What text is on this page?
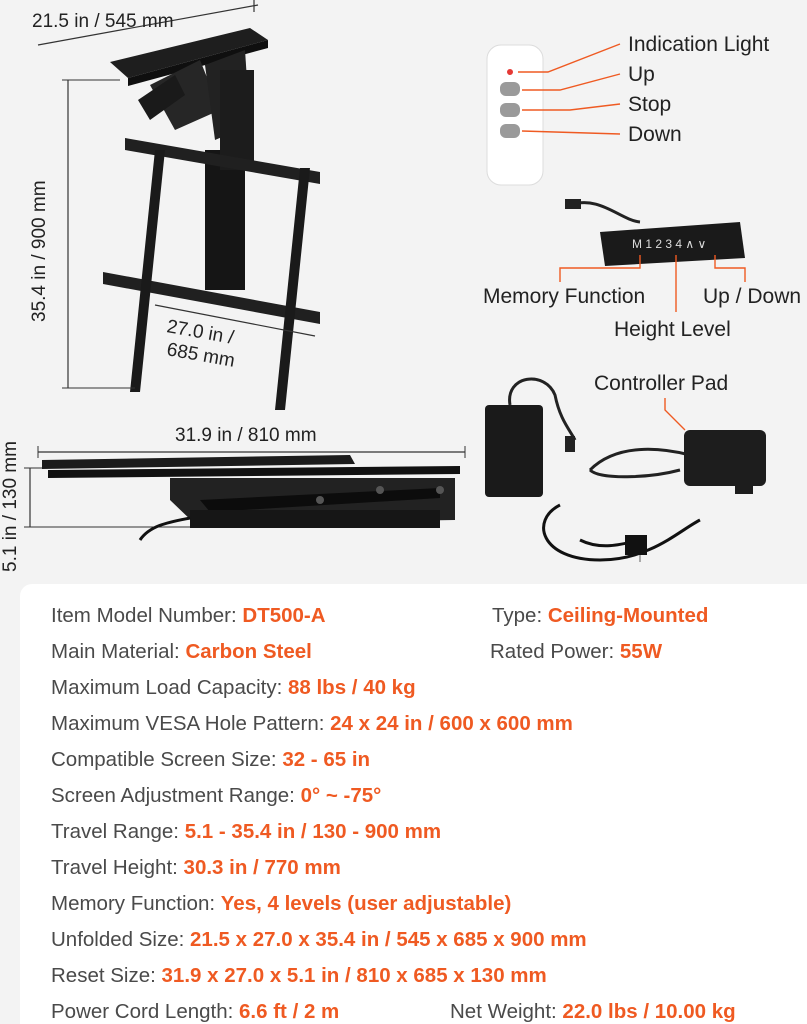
21.5 in / 545 mm
35.4 in / 900 mm
27.0 in /
685 mm
31.9 in / 810 mm
5.1 in / 130 mm
Indication Light
Up
Stop
Down
M 1 2 3 4 ∧ ∨
Memory Function
Height Level
Up / Down
Controller Pad
Item Model Number: DT500-A	Type: Ceiling-Mounted
Main Material: Carbon Steel	Rated Power: 55W
Maximum Load Capacity: 88 lbs / 40 kg
Maximum VESA Hole Pattern: 24 x 24 in / 600 x 600 mm
Compatible Screen Size: 32 - 65 in
Screen Adjustment Range: 0° ~ -75°
Travel Range: 5.1 - 35.4 in / 130 - 900 mm
Travel Height: 30.3 in / 770 mm
Memory Function: Yes, 4 levels (user adjustable)
Unfolded Size: 21.5 x 27.0 x 35.4 in / 545 x 685 x 900 mm
Reset Size: 31.9 x 27.0 x 5.1 in / 810 x 685 x 130 mm
Power Cord Length: 6.6 ft / 2 m	Net Weight: 22.0 lbs / 10.00 kg
